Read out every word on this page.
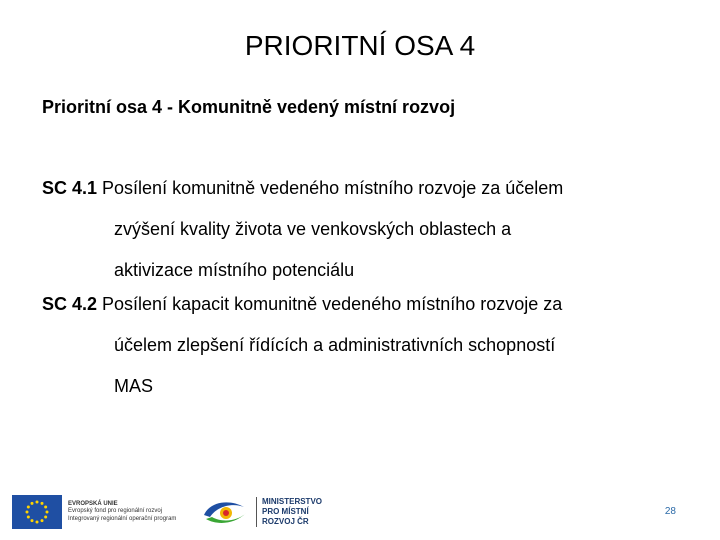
PRIORITNÍ OSA 4
Prioritní osa 4 - Komunitně vedený místní rozvoj
SC 4.1 Posílení komunitně vedeného místního rozvoje za účelem
zvýšení kvality života ve venkovských oblastech a
aktivizace místního potenciálu
SC 4.2 Posílení kapacit komunitně vedeného místního rozvoje za
účelem zlepšení řídících a administrativních schopností
MAS
EVROPSKÁ UNIE
Evropský fond pro regionální rozvoj
Integrovaný regionální operační program
MINISTERSTVO
PRO MÍSTNÍ
ROZVOJ ČR
28
